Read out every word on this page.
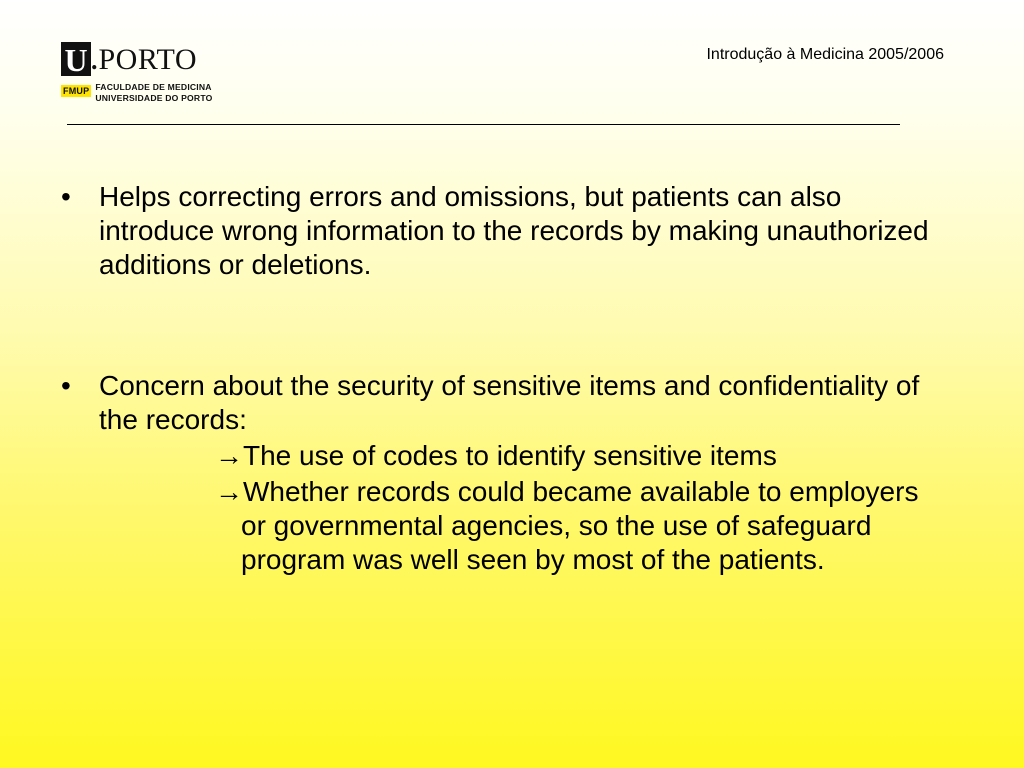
U . PORTO
FMUP FACULDADE DE MEDICINA
UNIVERSIDADE DO PORTO
Introdução à Medicina 2005/2006
• Helps correcting errors and omissions, but patients can also introduce wrong information to the records by making unauthorized additions or deletions.
• Concern about the security of sensitive items and confidentiality of the records:
→The use of codes to identify sensitive items
→Whether records could became available to employers or governmental agencies, so the use of safeguard program was well seen by most of the patients.
